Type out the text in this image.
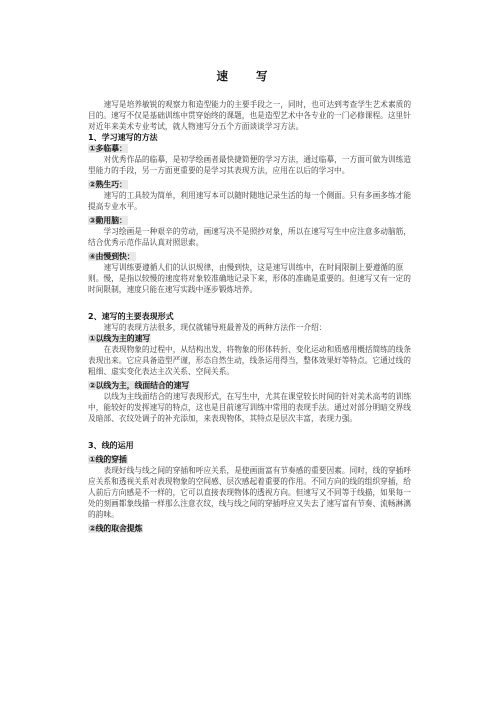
速 写

速写是培养敏锐的观察力和造型能力的主要手段之一，同时，也可达到考查学生艺术素质的目的。速写不仅是基础训练中贯穿始终的课题，也是造型艺术中各专业的一门必修课程。这里针对近年来美术专业考试，就人物速写分五个方面谈谈学习方法。

1、学习速写的方法
①多临摹：

对优秀作品的临摹，是初学绘画者最快捷简便的学习方法，通过临摹，一方面可做为训练造型能力的手段，另一方面更重要的是学习其表现方法，应用在以后的学习中。

②熟生巧：

速写的工具较为简单，利用速写本可以随时随地记录生活的每一个侧面。只有多画多练才能提高专业水平。

③勤用脑：

学习绘画是一种艰辛的劳动，画速写决不是照抄对象，所以在速写写生中应注意多动脑筋，结合优秀示范作品认真对照思索。

④由慢到快：

速写训练要遵循人们的认识规律，由慢到快，这是速写训练中，在时间限制上要遵循的原则。慢，是指以较慢的速度将对象较准确地记录下来，形体的准确是重要的。但速写又有一定的时间限制，速度只能在速写实践中逐步锻炼培养。

2、速写的主要表现形式

速写的表现方法很多，现仅就辅导班最普及的两种方法作一介绍：

①以线为主的速写

在表现物象的过程中，从结构出发，将物象的形体转折、变化运动和质感用概括简练的线条表现出来。它应具备造型严谨，形态自然生动，线条运用得当，整体效果好等特点。它通过线的粗细、虚实变化表达主次关系、空间关系。

②以线为主，线面结合的速写

以线为主线面结合的速写表现形式，在写生中，尤其在课堂较长时间的针对美术高考的训练中，能较好的发挥速写的特点，这也是目前速写训练中常用的表现手法。通过对部分明暗交界线及暗部、衣纹处调子的补充添加，来表现物体，其特点是层次丰富，表现力强。

3、线的运用
①线的穿插

表现好线与线之间的穿插和呼应关系，是使画面富有节奏感的重要因素。同时，线的穿插呼应关系和透视关系对表现物象的空间感、层次感起着重要的作用。不同方向的线的组织穿插，给人前后方向感是不一样的，它可以直接表现物体的透视方向。但速写又不同等于线描，如果每一处的刻画都象线描一样那么注意衣纹，线与线之间的穿插呼应又失去了速写富有节奏、流畅淋漓的韵味。

②线的取舍提炼
